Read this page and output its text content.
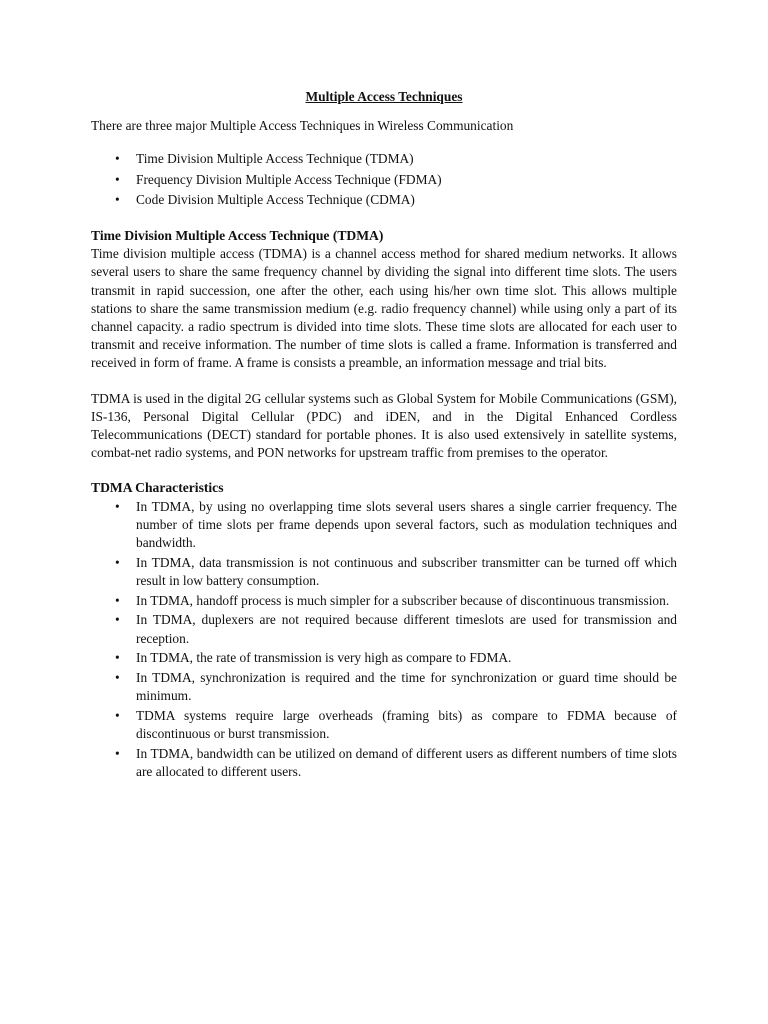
Multiple Access Techniques

There are three major Multiple Access Techniques in Wireless Communication

• Time Division Multiple Access Technique (TDMA)
• Frequency Division Multiple Access Technique (FDMA)
• Code Division Multiple Access Technique (CDMA)
Time Division Multiple Access Technique (TDMA)

Time division multiple access (TDMA) is a channel access method for shared medium networks. It allows several users to share the same frequency channel by dividing the signal into different time slots. The users transmit in rapid succession, one after the other, each using his/her own time slot. This allows multiple stations to share the same transmission medium (e.g. radio frequency channel) while using only a part of its channel capacity. a radio spectrum is divided into time slots. These time slots are allocated for each user to transmit and receive information. The number of time slots is called a frame. Information is transferred and received in form of frame. A frame is consists a preamble, an information message and trial bits.

TDMA is used in the digital 2G cellular systems such as Global System for Mobile Communications (GSM), IS-136, Personal Digital Cellular (PDC) and iDEN, and in the Digital Enhanced Cordless Telecommunications (DECT) standard for portable phones. It is also used extensively in satellite systems, combat-net radio systems, and PON networks for upstream traffic from premises to the operator.

TDMA Characteristics
• In TDMA, by using no overlapping time slots several users shares a single carrier frequency. The number of time slots per frame depends upon several factors, such as modulation techniques and bandwidth.
• In TDMA, data transmission is not continuous and subscriber transmitter can be turned off which result in low battery consumption.
• In TDMA, handoff process is much simpler for a subscriber because of discontinuous transmission.
• In TDMA, duplexers are not required because different timeslots are used for transmission and reception.
• In TDMA, the rate of transmission is very high as compare to FDMA.
• In TDMA, synchronization is required and the time for synchronization or guard time should be minimum.
• TDMA systems require large overheads (framing bits) as compare to FDMA because of discontinuous or burst transmission.
• In TDMA, bandwidth can be utilized on demand of different users as different numbers of time slots are allocated to different users.
